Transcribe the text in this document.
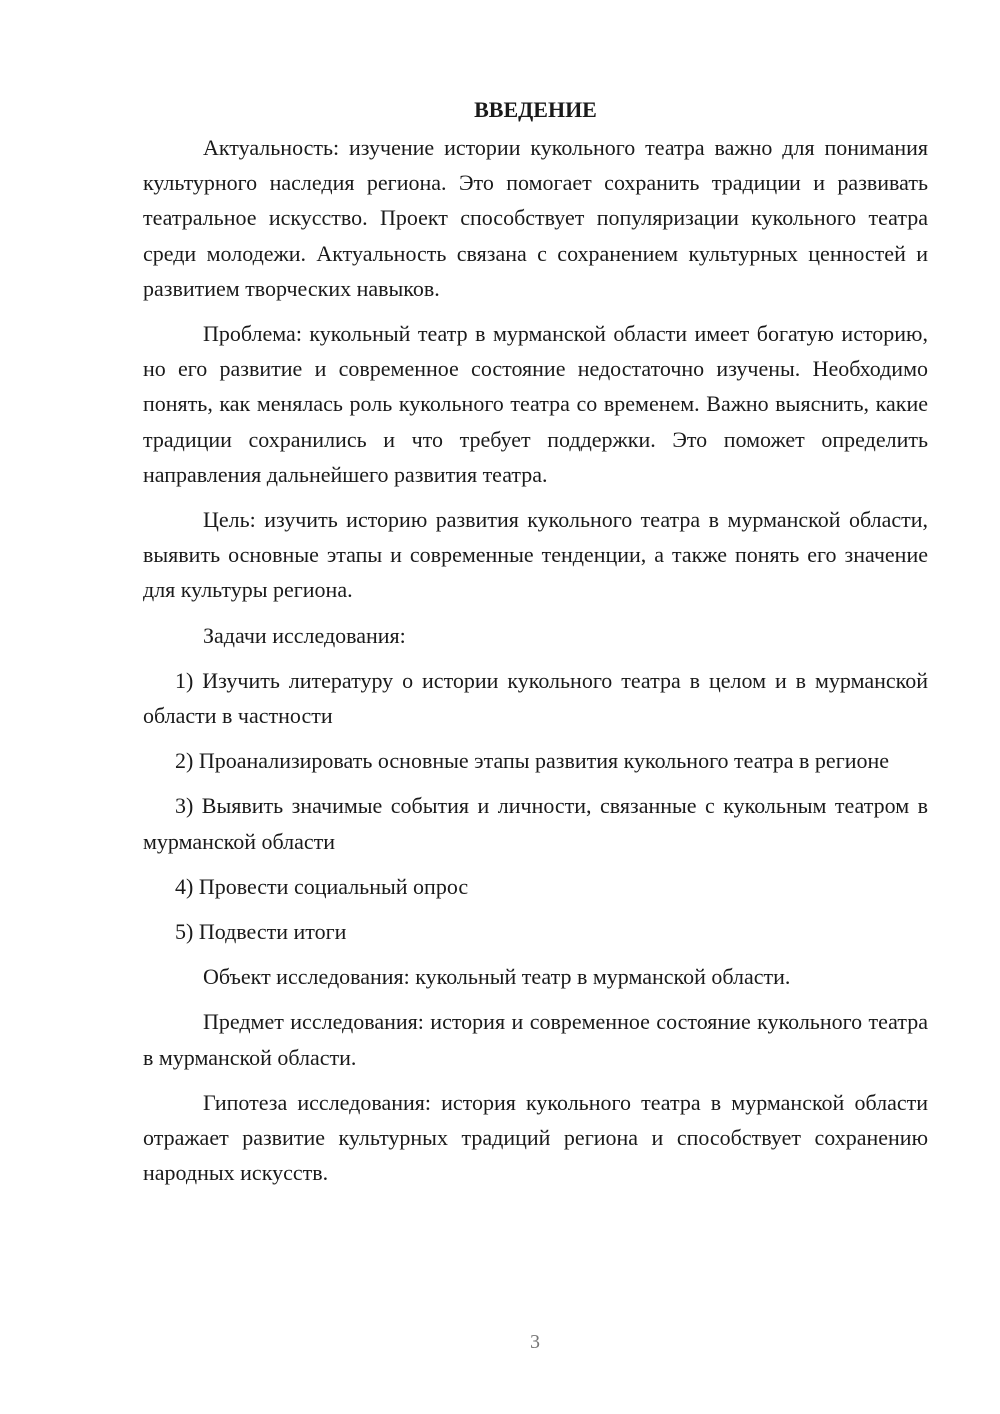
ВВЕДЕНИЕ

Актуальность: изучение истории кукольного театра важно для понимания культурного наследия региона. Это помогает сохранить традиции и развивать театральное искусство. Проект способствует популяризации кукольного театра среди молодежи. Актуальность связана с сохранением культурных ценностей и развитием творческих навыков.

Проблема: кукольный театр в мурманской области имеет богатую историю, но его развитие и современное состояние недостаточно изучены. Необходимо понять, как менялась роль кукольного театра со временем. Важно выяснить, какие традиции сохранились и что требует поддержки. Это поможет определить направления дальнейшего развития театра.

Цель: изучить историю развития кукольного театра в мурманской области, выявить основные этапы и современные тенденции, а также понять его значение для культуры региона.

Задачи исследования:

1) Изучить литературу о истории кукольного театра в целом и в мурманской области в частности

2) Проанализировать основные этапы развития кукольного театра в регионе

3) Выявить значимые события и личности, связанные с кукольным театром в мурманской области

4) Провести социальный опрос

5) Подвести итоги

Объект исследования: кукольный театр в мурманской области.

Предмет исследования: история и современное состояние кукольного театра в мурманской области.

Гипотеза исследования: история кукольного театра в мурманской области отражает развитие культурных традиций региона и способствует сохранению народных искусств.

3
